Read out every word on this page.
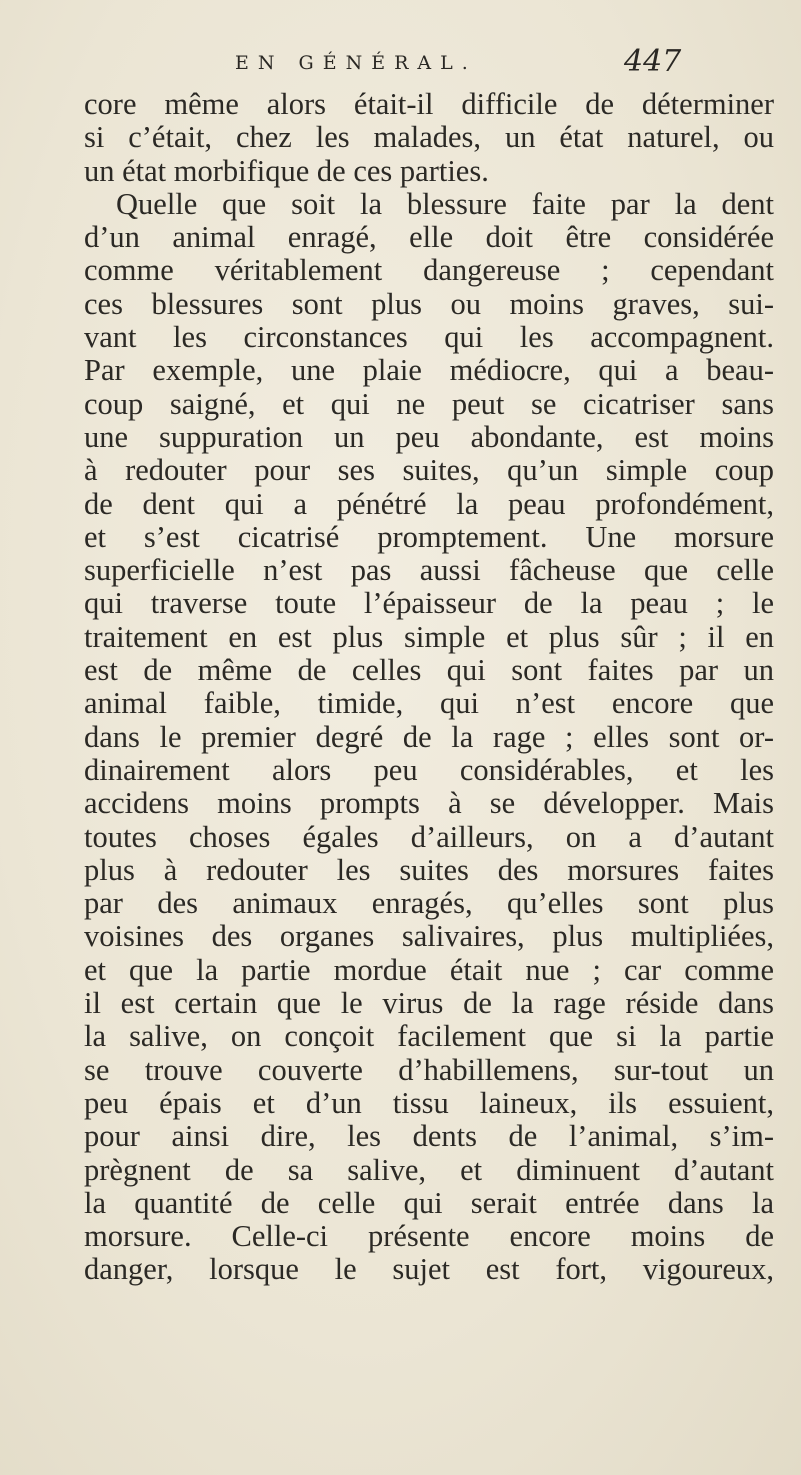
EN GÉNÉRAL.	447
core même alors était-il difficile de déterminer
si c’était, chez les malades, un état naturel, ou
un état morbifique de ces parties.
Quelle que soit la blessure faite par la dent
d’un animal enragé, elle doit être considérée
comme véritablement dangereuse ; cependant
ces blessures sont plus ou moins graves, sui-
vant les circonstances qui les accompagnent.
Par exemple, une plaie médiocre, qui a beau-
coup saigné, et qui ne peut se cicatriser sans
une suppuration un peu abondante, est moins
à redouter pour ses suites, qu’un simple coup
de dent qui a pénétré la peau profondément,
et s’est cicatrisé promptement. Une morsure
superficielle n’est pas aussi fâcheuse que celle
qui traverse toute l’épaisseur de la peau ; le
traitement en est plus simple et plus sûr ; il en
est de même de celles qui sont faites par un
animal faible, timide, qui n’est encore que
dans le premier degré de la rage ; elles sont or-
dinairement alors peu considérables, et les
accidens moins prompts à se développer. Mais
toutes choses égales d’ailleurs, on a d’autant
plus à redouter les suites des morsures faites
par des animaux enragés, qu’elles sont plus
voisines des organes salivaires, plus multipliées,
et que la partie mordue était nue ; car comme
il est certain que le virus de la rage réside dans
la salive, on conçoit facilement que si la partie
se trouve couverte d’habillemens, sur-tout un
peu épais et d’un tissu laineux, ils essuient,
pour ainsi dire, les dents de l’animal, s’im-
prègnent de sa salive, et diminuent d’autant
la quantité de celle qui serait entrée dans la
morsure. Celle-ci présente encore moins de
danger, lorsque le sujet est fort, vigoureux,
